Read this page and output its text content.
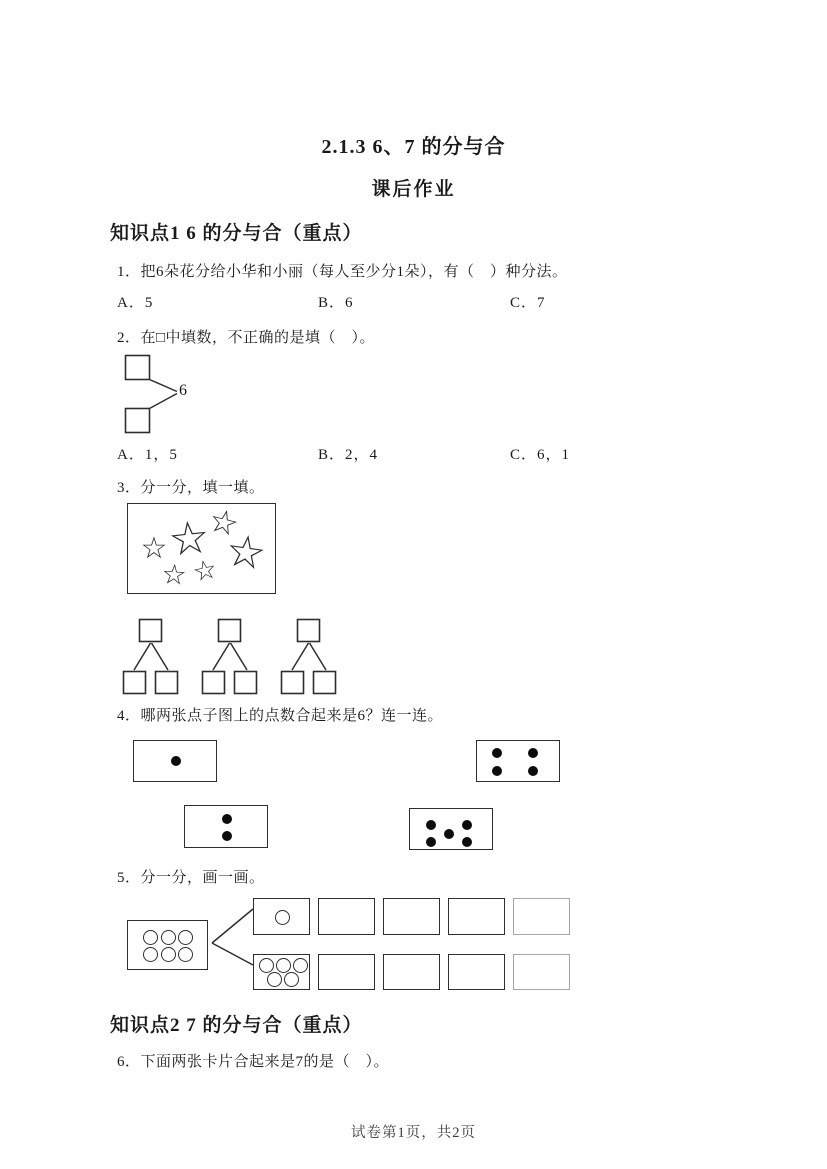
2.1.3 6、7 的分与合
课后作业
知识点1 6 的分与合（重点）
1．把6朵花分给小华和小丽（每人至少分1朵），有（　）种分法。
A．5	B．6	C．7
2．在□中填数，不正确的是填（　）。
6
A．1，5	B．2，4	C．6，1
3．分一分，填一填。
☆
☆
☆
☆
☆ ☆
4．哪两张点子图上的点数合起来是6？连一连。
5．分一分，画一画。
知识点2 7 的分与合（重点）
6．下面两张卡片合起来是7的是（　）。
试卷第1页，共2页
